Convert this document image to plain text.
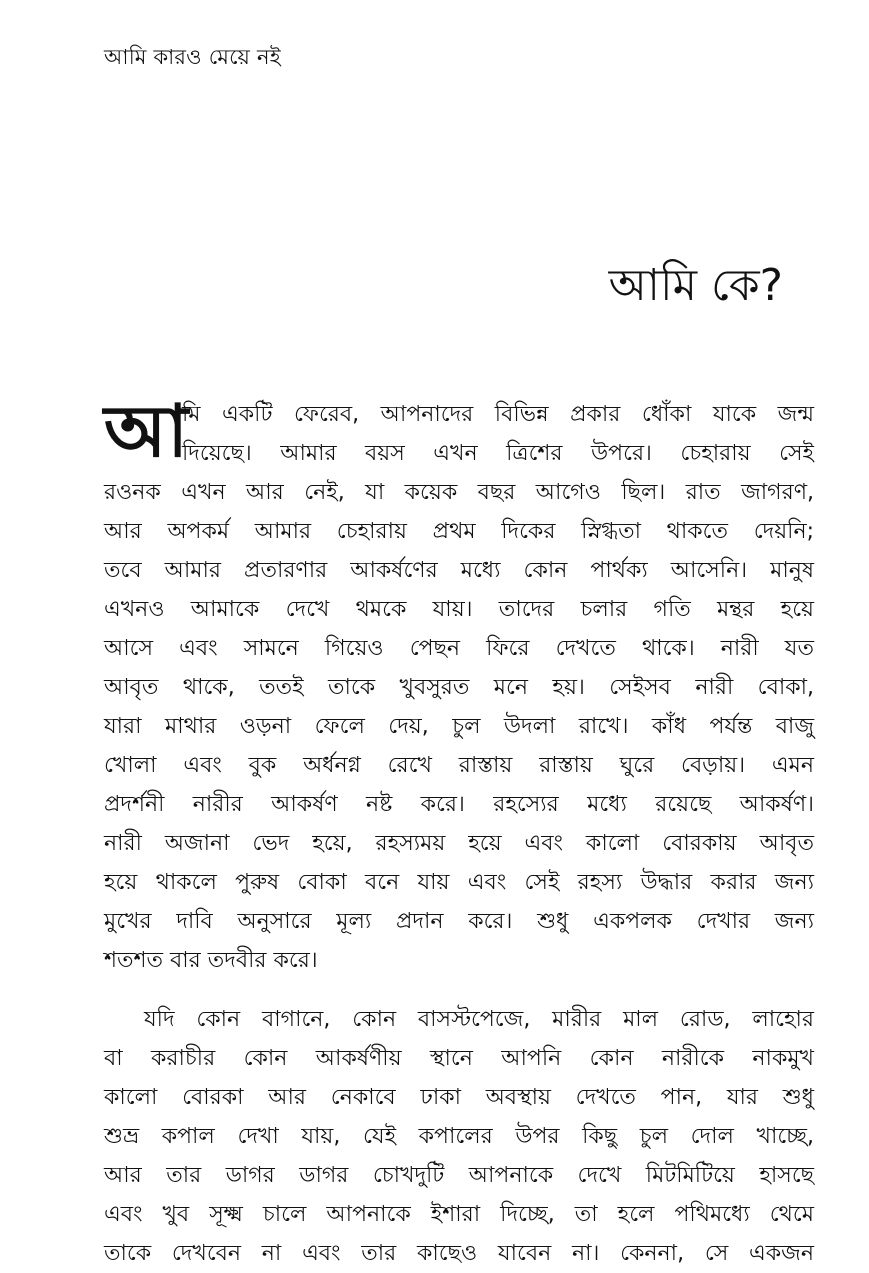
আমি কারও মেয়ে নই
আমি কে?
আ
মি একটি ফেরেব, আপনাদের বিভিন্ন প্রকার ধোঁকা যাকে জন্ম
দিয়েছে। আমার বয়স এখন ত্রিশের উপরে। চেহারায় সেই
রওনক এখন আর নেই, যা কয়েক বছর আগেও ছিল। রাত জাগরণ,
আর অপকর্ম আমার চেহারায় প্রথম দিকের স্নিগ্ধতা থাকতে দেয়নি;
তবে আমার প্রতারণার আকর্ষণের মধ্যে কোন পার্থক্য আসেনি। মানুষ
এখনও আমাকে দেখে থমকে যায়। তাদের চলার গতি মন্থর হয়ে
আসে এবং সামনে গিয়েও পেছন ফিরে দেখতে থাকে। নারী যত
আবৃত থাকে, ততই তাকে খুবসুরত মনে হয়। সেইসব নারী বোকা,
যারা মাথার ওড়না ফেলে দেয়, চুল উদলা রাখে। কাঁধ পর্যন্ত বাজু
খোলা এবং বুক অর্ধনগ্ন রেখে রাস্তায় রাস্তায় ঘুরে বেড়ায়। এমন
প্রদর্শনী নারীর আকর্ষণ নষ্ট করে। রহস্যের মধ্যে রয়েছে আকর্ষণ।
নারী অজানা ভেদ হয়ে, রহস্যময় হয়ে এবং কালো বোরকায় আবৃত
হয়ে থাকলে পুরুষ বোকা বনে যায় এবং সেই রহস্য উদ্ধার করার জন্য
মুখের দাবি অনুসারে মূল্য প্রদান করে। শুধু একপলক দেখার জন্য
শতশত বার তদবীর করে।
যদি কোন বাগানে, কোন বাসস্টপেজে, মারীর মাল রোড, লাহোর
বা করাচীর কোন আকর্ষণীয় স্থানে আপনি কোন নারীকে নাকমুখ
কালো বোরকা আর নেকাবে ঢাকা অবস্থায় দেখতে পান, যার শুধু
শুভ্র কপাল দেখা যায়, যেই কপালের উপর কিছু চুল দোল খাচ্ছে,
আর তার ডাগর ডাগর চোখদুটি আপনাকে দেখে মিটমিটিয়ে হাসছে
এবং খুব সূক্ষ্ম চালে আপনাকে ইশারা দিচ্ছে, তা হলে পথিমধ্যে থেমে
তাকে দেখবেন না এবং তার কাছেও যাবেন না। কেননা, সে একজন
